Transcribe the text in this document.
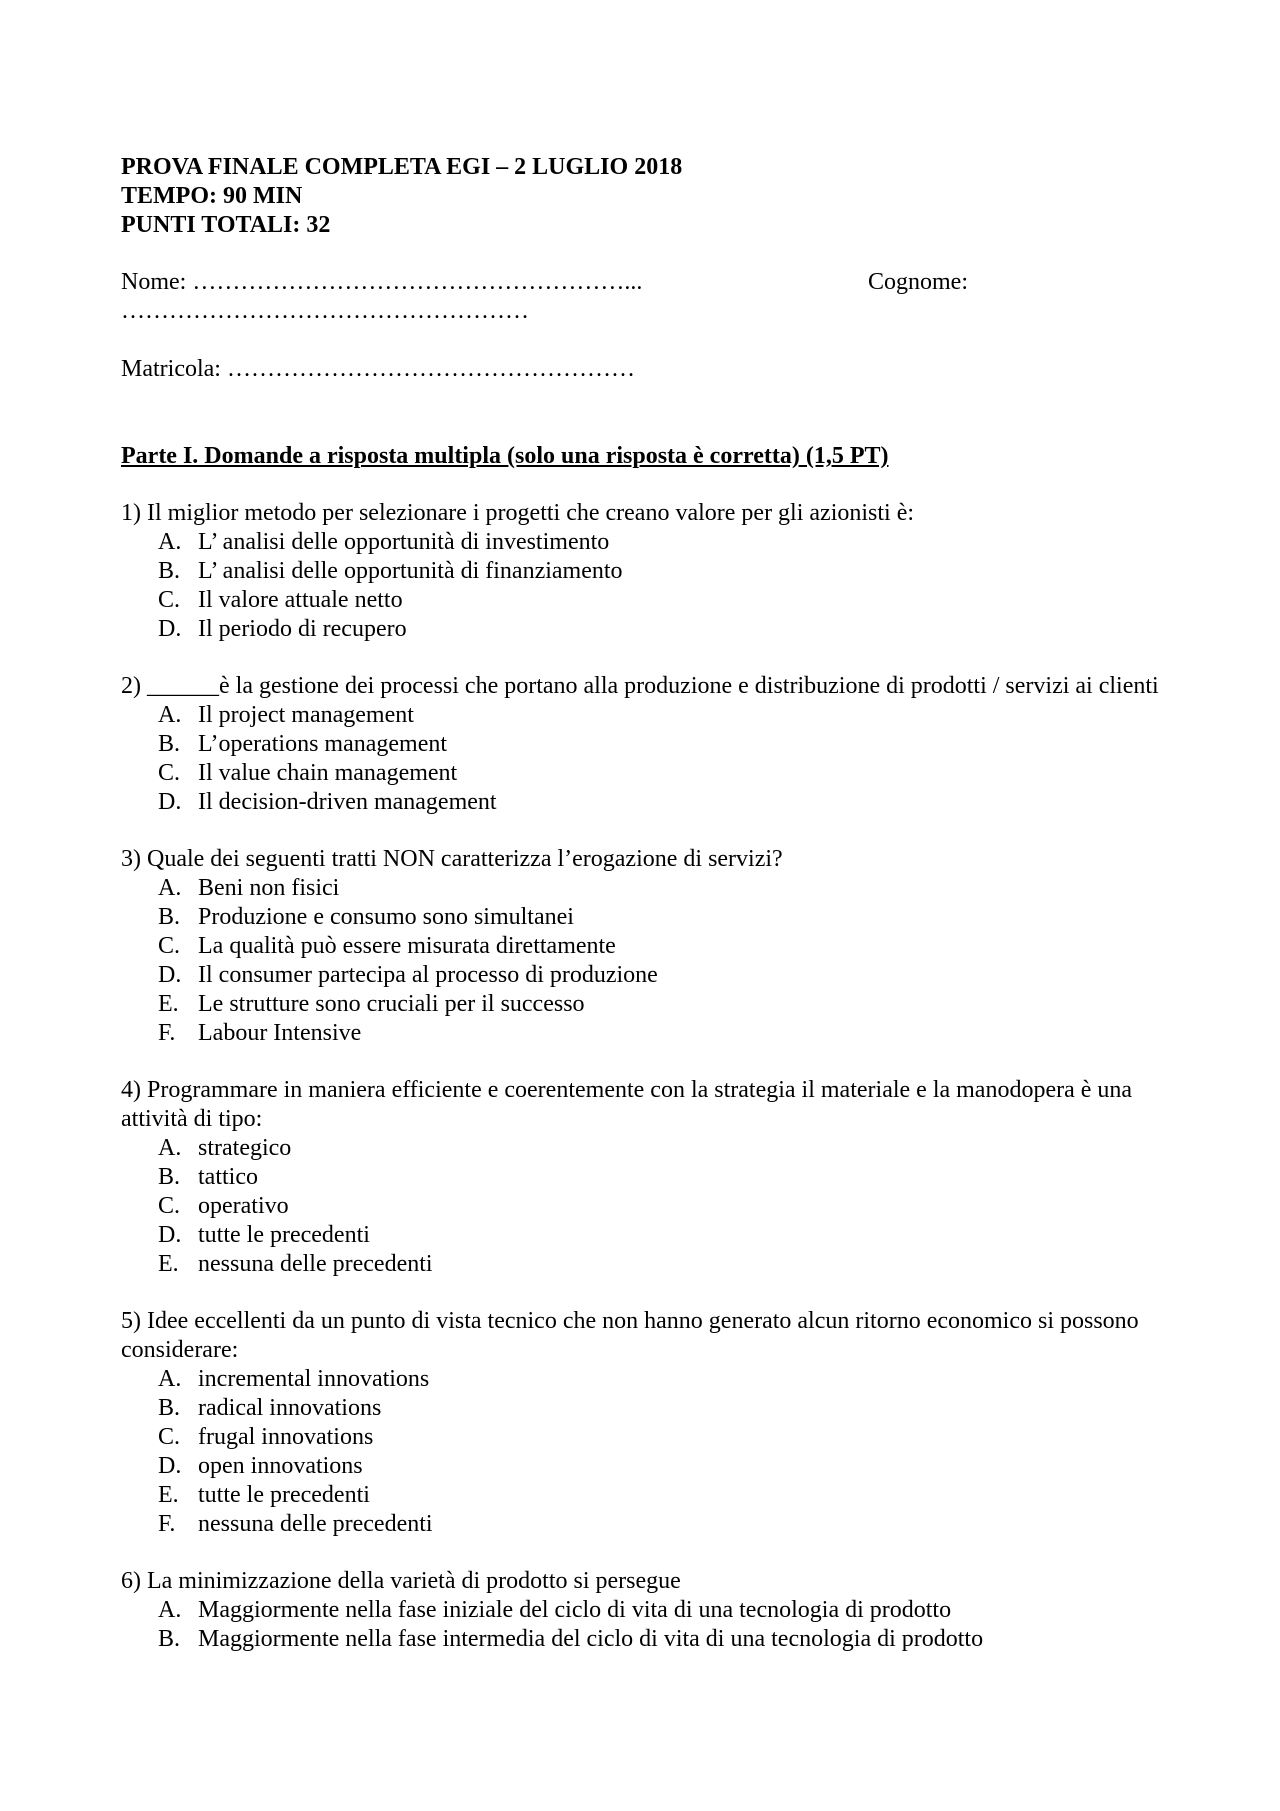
PROVA FINALE COMPLETA EGI – 2 LUGLIO 2018

TEMPO: 90 MIN

PUNTI TOTALI: 32

Nome: ………………………………………………...	Cognome:
……………………………………………
Matricola: ……………………………………………
Parte I. Domande a risposta multipla (solo una risposta è corretta) (1,5 PT)

1) Il miglior metodo per selezionare i progetti che creano valore per gli azionisti è:

A. L’ analisi delle opportunità di investimento
B. L’ analisi delle opportunità di finanziamento
C. Il valore attuale netto
D. Il periodo di recupero

2) ______è la gestione dei processi che portano alla produzione e distribuzione di prodotti / servizi ai clienti

A. Il project management
B. L’operations management
C. Il value chain management
D. Il decision-driven management

3) Quale dei seguenti tratti NON caratterizza l’erogazione di servizi?

A. Beni non fisici
B. Produzione e consumo sono simultanei
C. La qualità può essere misurata direttamente
D. Il consumer partecipa al processo di produzione
E. Le strutture sono cruciali per il successo
F. Labour Intensive

4) Programmare in maniera efficiente e coerentemente con la strategia il materiale e la manodopera è una attività di tipo:

A. strategico
B. tattico
C. operativo
D. tutte le precedenti
E. nessuna delle precedenti

5) Idee eccellenti da un punto di vista tecnico che non hanno generato alcun ritorno economico si possono considerare:

A. incremental innovations
B. radical innovations
C. frugal innovations
D. open innovations
E. tutte le precedenti
F. nessuna delle precedenti

6) La minimizzazione della varietà di prodotto si persegue

A. Maggiormente nella fase iniziale del ciclo di vita di una tecnologia di prodotto
B. Maggiormente nella fase intermedia del ciclo di vita di una tecnologia di prodotto
